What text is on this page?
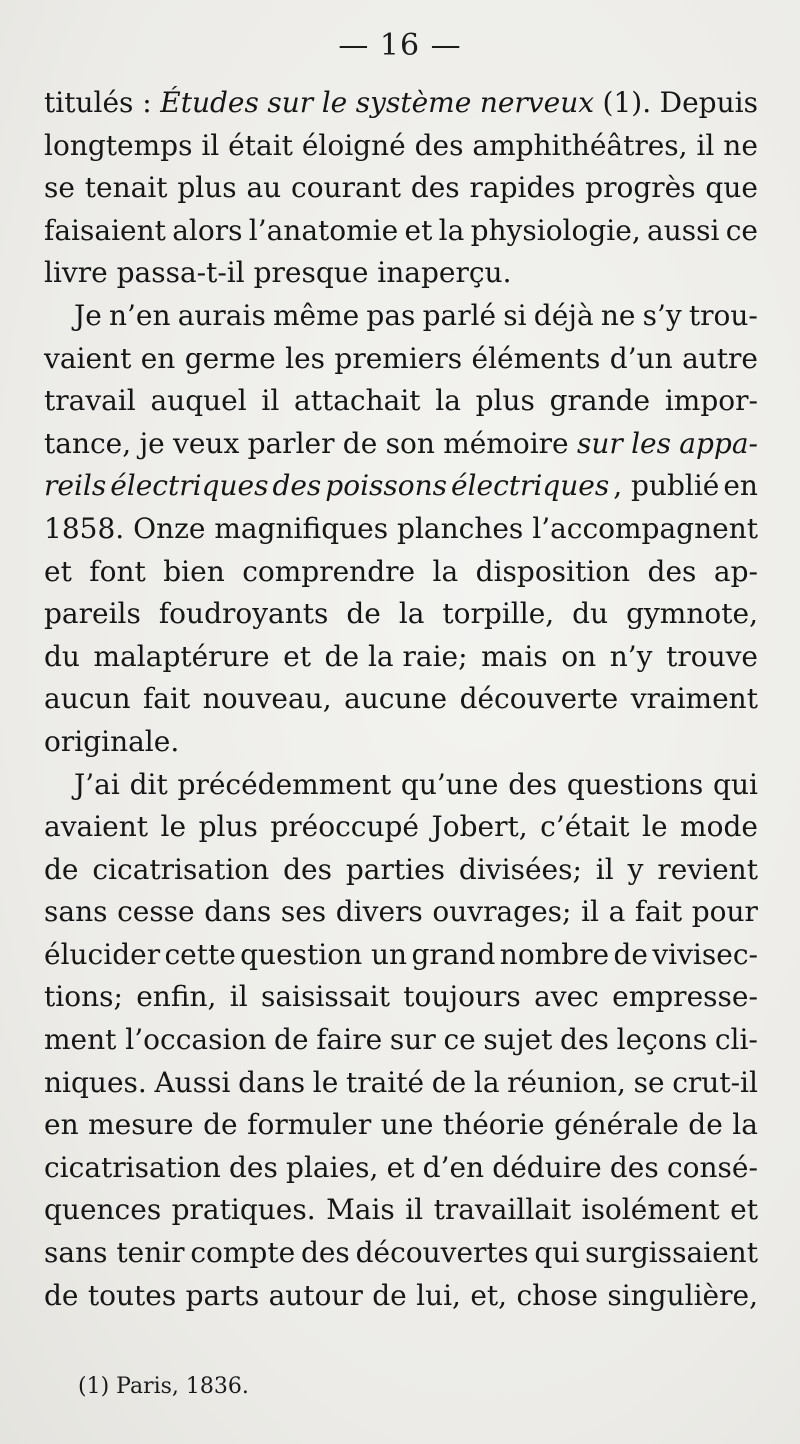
— 16 —
titulés : Études sur le système nerveux (1). Depuis
longtemps il était éloigné des amphithéâtres, il ne
se tenait plus au courant des rapides progrès que
faisaient alors l’anatomie et la physiologie, aussi ce
livre passa-t-il presque inaperçu.
Je n’en aurais même pas parlé si déjà ne s’y trou-
vaient en germe les premiers éléments d’un autre
travail auquel il attachait la plus grande impor-
tance, je veux parler de son mémoire sur les appa-
reils électriques des poissons électriques , publié en
1858. Onze magnifiques planches l’accompagnent
et font bien comprendre la disposition des ap-
pareils foudroyants de la torpille, du gymnote,
du malaptérure et de la raie; mais on n’y trouve
aucun fait nouveau, aucune découverte vraiment
originale.
J’ai dit précédemment qu’une des questions qui
avaient le plus préoccupé Jobert, c’était le mode
de cicatrisation des parties divisées; il y revient
sans cesse dans ses divers ouvrages; il a fait pour
élucider cette question un grand nombre de vivisec-
tions; enfin, il saisissait toujours avec empresse-
ment l’occasion de faire sur ce sujet des leçons cli-
niques. Aussi dans le traité de la réunion, se crut-il
en mesure de formuler une théorie générale de la
cicatrisation des plaies, et d’en déduire des consé-
quences pratiques. Mais il travaillait isolément et
sans tenir compte des découvertes qui surgissaient
de toutes parts autour de lui, et, chose singulière,
(1) Paris, 1836.
